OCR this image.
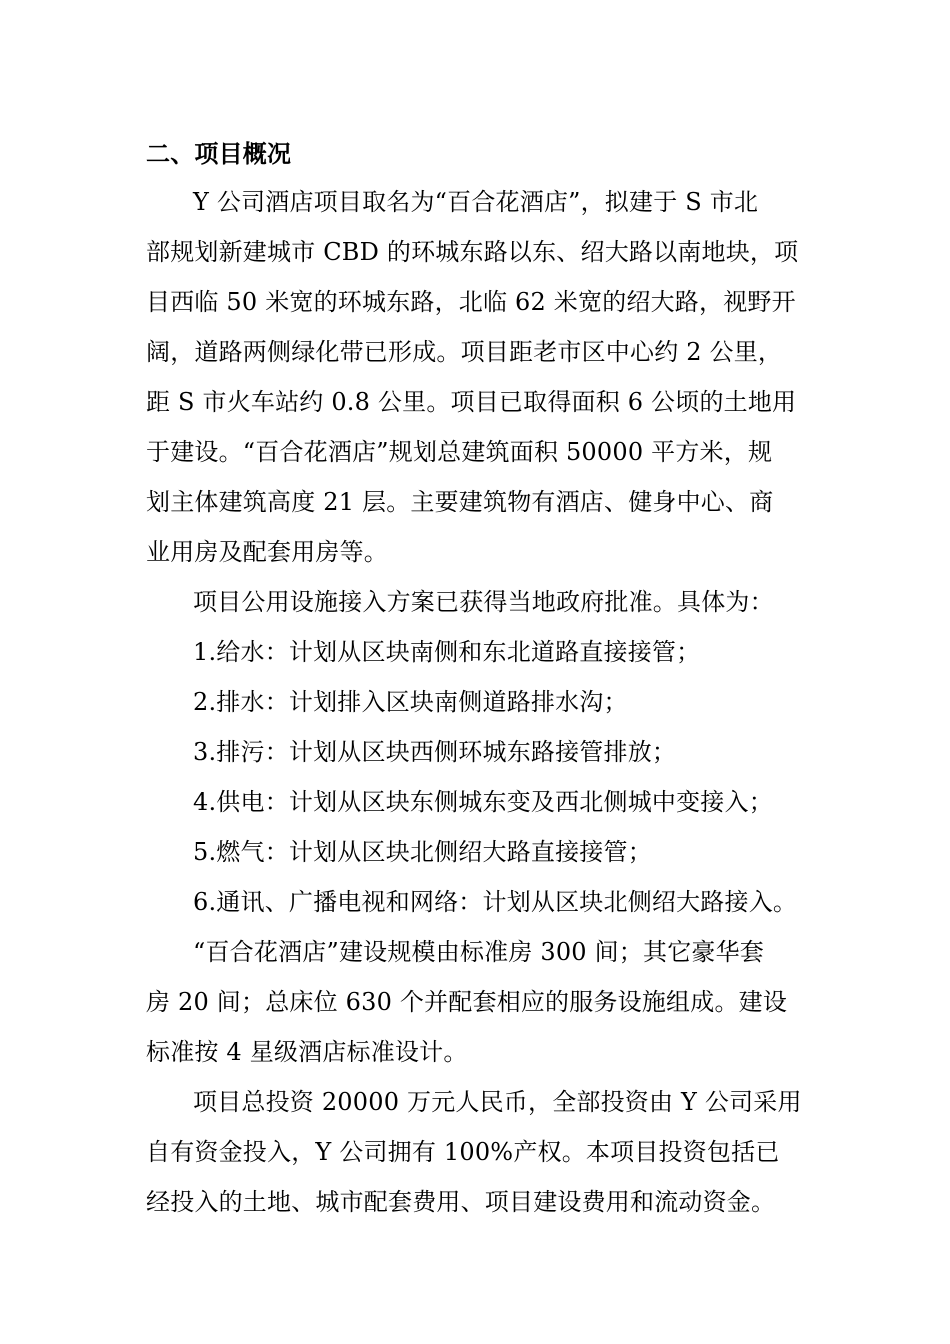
二、项目概况
Y 公司酒店项目取名为“百合花酒店”，拟建于 S 市北
部规划新建城市 CBD 的环城东路以东、绍大路以南地块，项
目西临 50 米宽的环城东路，北临 62 米宽的绍大路，视野开
阔，道路两侧绿化带已形成。项目距老市区中心约 2 公里，
距 S 市火车站约 0.8 公里。项目已取得面积 6 公顷的土地用
于建设。“百合花酒店”规划总建筑面积 50000 平方米，规
划主体建筑高度 21 层。主要建筑物有酒店、健身中心、商
业用房及配套用房等。
项目公用设施接入方案已获得当地政府批准。具体为：
1.给水：计划从区块南侧和东北道路直接接管；
2.排水：计划排入区块南侧道路排水沟；
3.排污：计划从区块西侧环城东路接管排放；
4.供电：计划从区块东侧城东变及西北侧城中变接入；
5.燃气：计划从区块北侧绍大路直接接管；
6.通讯、广播电视和网络：计划从区块北侧绍大路接入。
“百合花酒店”建设规模由标准房 300 间；其它豪华套
房 20 间；总床位 630 个并配套相应的服务设施组成。建设
标准按 4 星级酒店标准设计。
项目总投资 20000 万元人民币，全部投资由 Y 公司采用
自有资金投入，Y 公司拥有 100%产权。本项目投资包括已
经投入的土地、城市配套费用、项目建设费用和流动资金。
